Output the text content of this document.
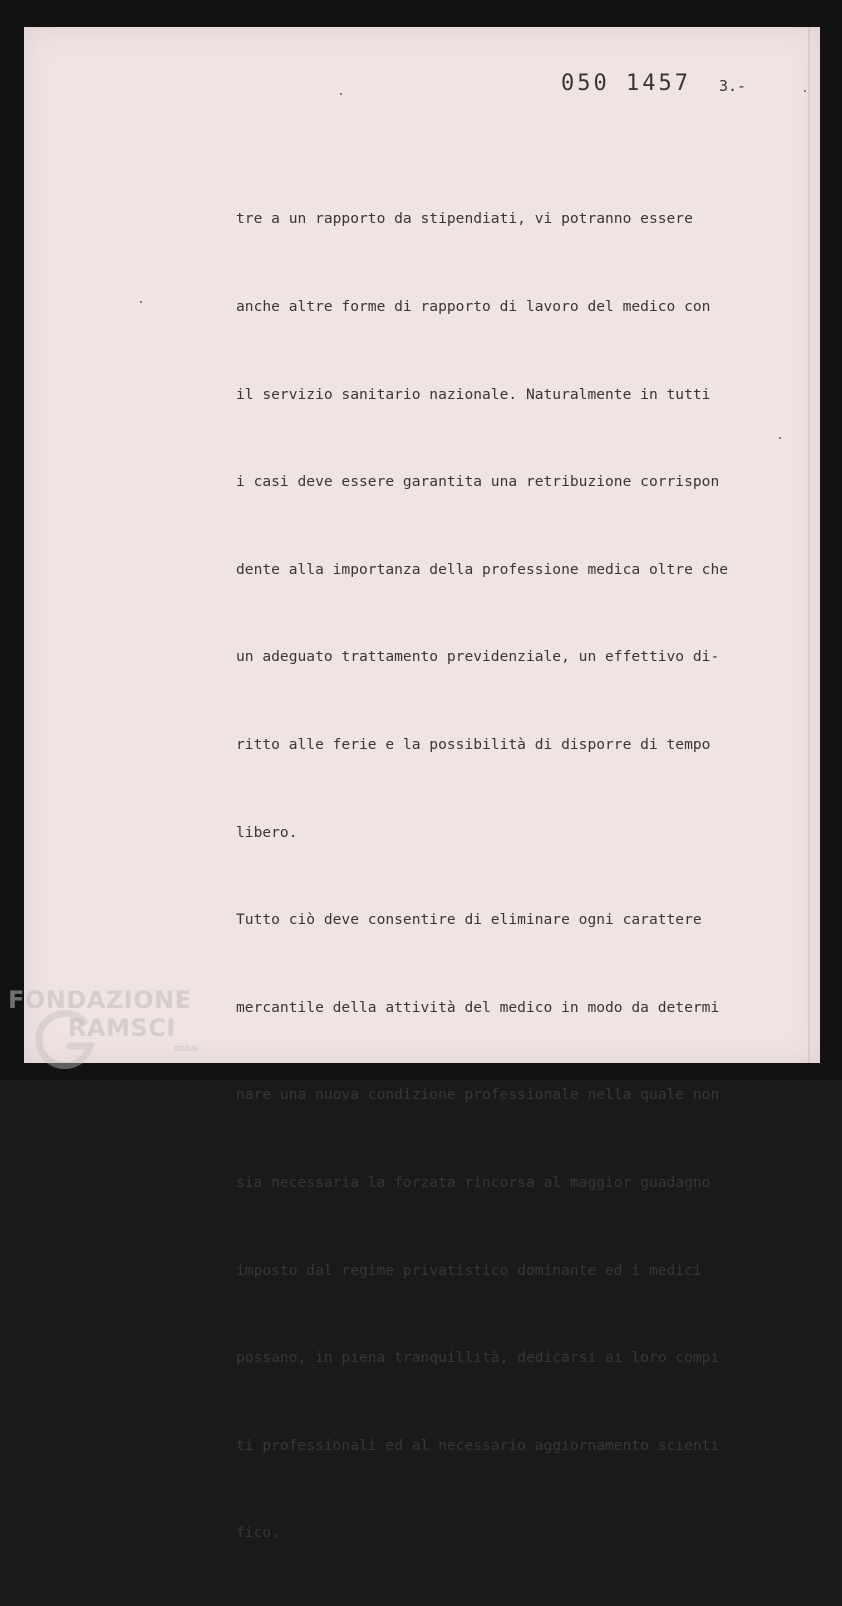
050 1457 3.-

tre a un rapporto da stipendiati, vi potranno essere

anche altre forme di rapporto di lavoro del medico con

il servizio sanitario nazionale. Naturalmente in tutti

i casi deve essere garantita una retribuzione corrispon

dente alla importanza della professione medica oltre che

un adeguato trattamento previdenziale, un effettivo di-

ritto alle ferie e la possibilità di disporre di tempo

libero.

Tutto ciò deve consentire di eliminare ogni carattere

mercantile della attività del medico in modo da determi

nare una nuova condizione professionale nella quale non

sia necessaria la forzata rincorsa al maggior guadagno

imposto dal regime privatistico dominante ed i medici

possano, in piena tranquillità, dedicarsi ai loro compi

ti professionali ed al necessario aggiornamento scienti

fico.

FONDAZIONE
RAMSCI
onlus
